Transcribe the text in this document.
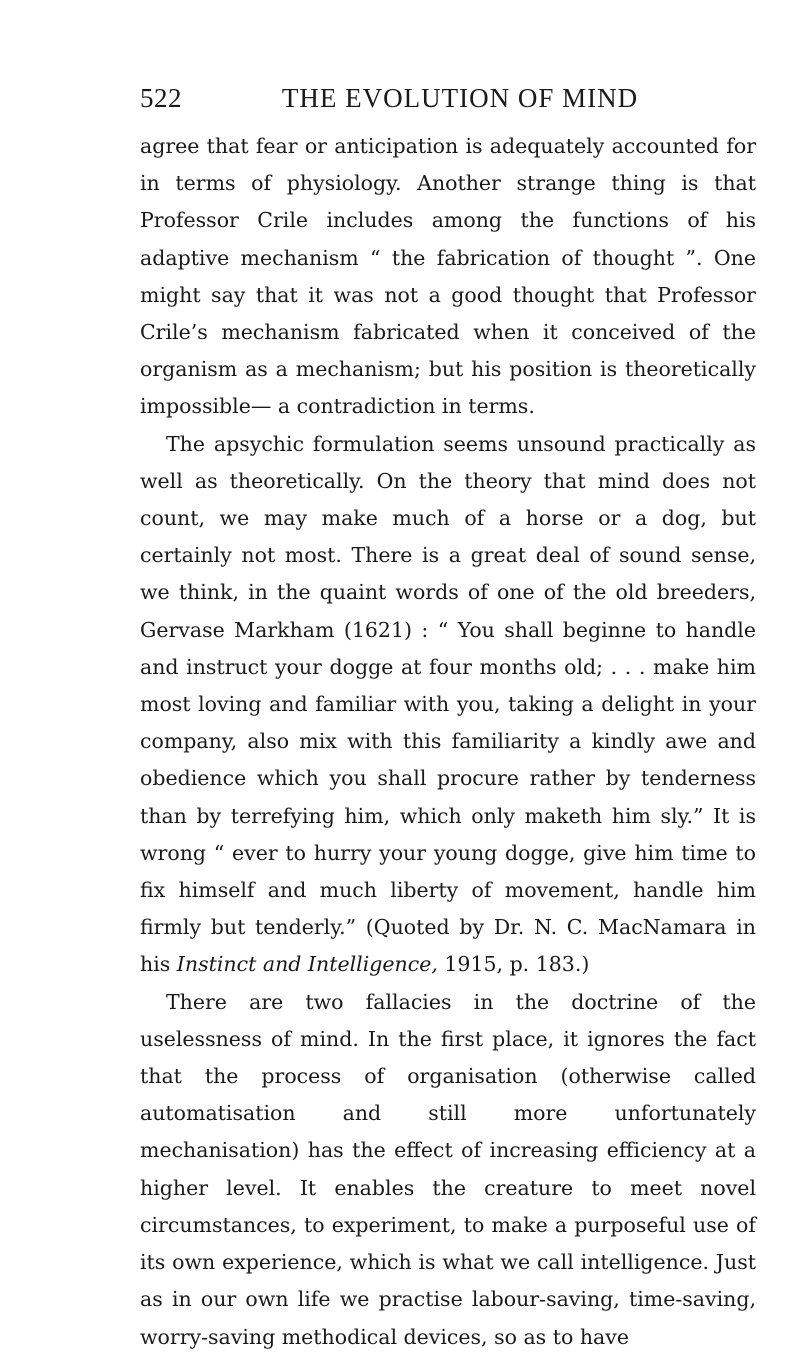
522	THE EVOLUTION OF MIND

agree that fear or anticipation is adequately accounted for in terms of physiology. Another strange thing is that Professor Crile includes among the functions of his adaptive mechanism “ the fabrication of thought ”. One might say that it was not a good thought that Professor Crile’s mechanism fabricated when it conceived of the organism as a mechanism; but his position is theoretically impossible— a contradiction in terms.

The apsychic formulation seems unsound practically as well as theoretically. On the theory that mind does not count, we may make much of a horse or a dog, but certainly not most. There is a great deal of sound sense, we think, in the quaint words of one of the old breeders, Gervase Markham (1621) : “ You shall beginne to handle and instruct your dogge at four months old; . . . make him most loving and familiar with you, taking a delight in your company, also mix with this familiarity a kindly awe and obedience which you shall procure rather by tenderness than by terrefying him, which only maketh him sly.” It is wrong “ ever to hurry your young dogge, give him time to fix himself and much liberty of movement, handle him firmly but tenderly.” (Quoted by Dr. N. C. MacNamara in his Instinct and Intelligence, 1915, p. 183.)

There are two fallacies in the doctrine of the uselessness of mind. In the first place, it ignores the fact that the process of organisation (otherwise called automatisation and still more unfortunately mechanisation) has the effect of increasing efficiency at a higher level. It enables the creature to meet novel circumstances, to experiment, to make a purposeful use of its own experience, which is what we call intelligence. Just as in our own life we practise labour-saving, time-saving, worry-saving methodical devices, so as to have
